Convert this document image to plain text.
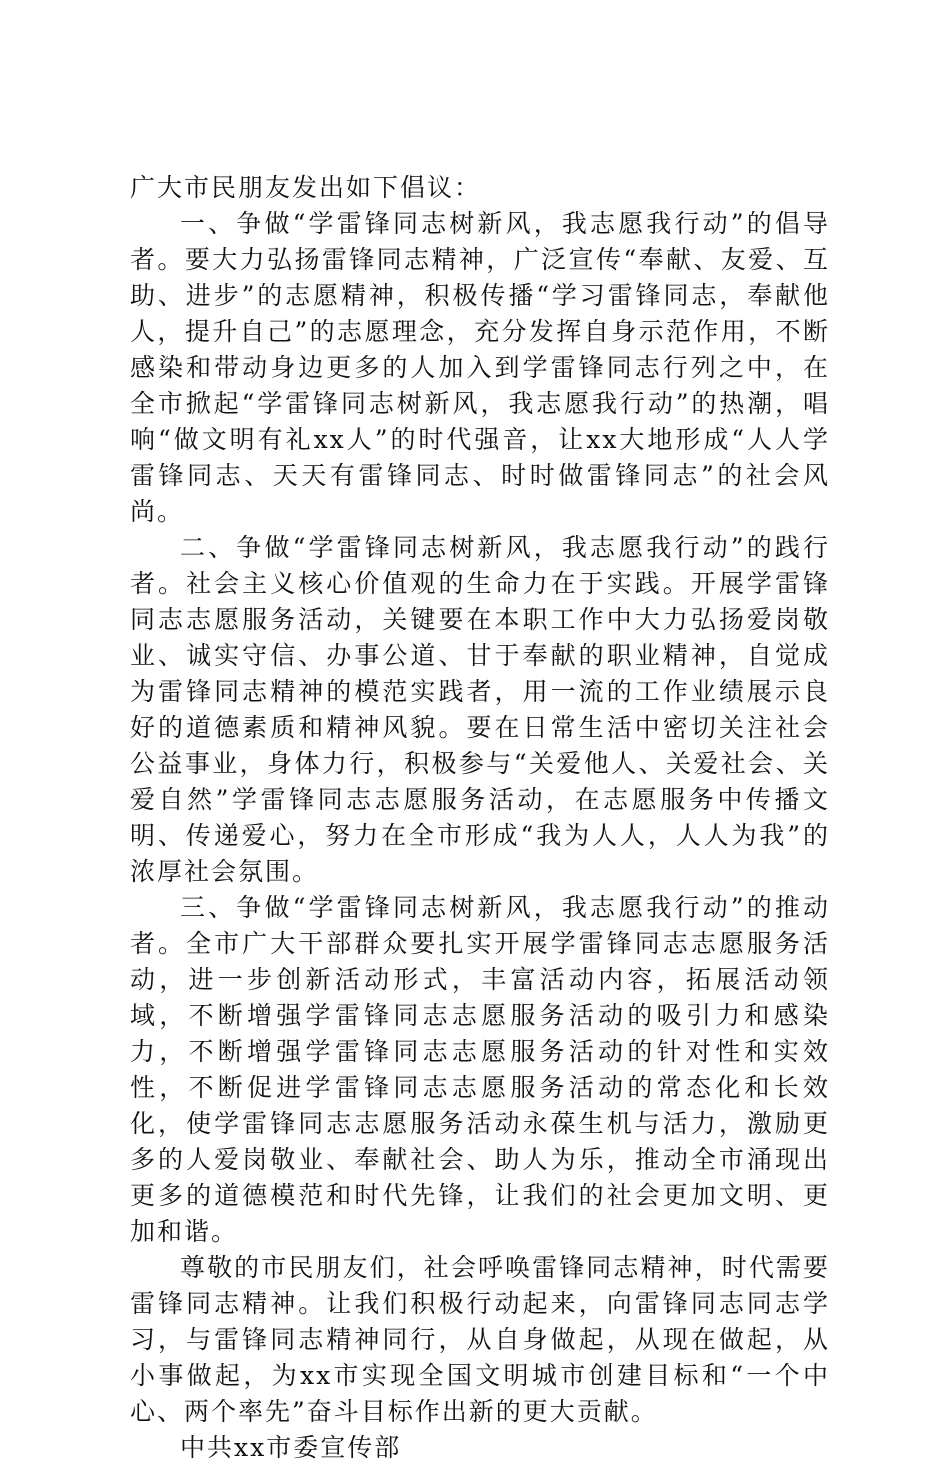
广大市民朋友发出如下倡议：

一、争做“学雷锋同志树新风，我志愿我行动”的倡导者。要大力弘扬雷锋同志精神，广泛宣传“奉献、友爱、互助、进步”的志愿精神，积极传播“学习雷锋同志，奉献他人，提升自己”的志愿理念，充分发挥自身示范作用，不断感染和带动身边更多的人加入到学雷锋同志行列之中，在全市掀起“学雷锋同志树新风，我志愿我行动”的热潮，唱响“做文明有礼xx人”的时代强音，让xx大地形成“人人学雷锋同志、天天有雷锋同志、时时做雷锋同志”的社会风尚。

二、争做“学雷锋同志树新风，我志愿我行动”的践行者。社会主义核心价值观的生命力在于实践。开展学雷锋同志志愿服务活动，关键要在本职工作中大力弘扬爱岗敬业、诚实守信、办事公道、甘于奉献的职业精神，自觉成为雷锋同志精神的模范实践者，用一流的工作业绩展示良好的道德素质和精神风貌。要在日常生活中密切关注社会公益事业，身体力行，积极参与“关爱他人、关爱社会、关爱自然”学雷锋同志志愿服务活动，在志愿服务中传播文明、传递爱心，努力在全市形成“我为人人，人人为我”的浓厚社会氛围。

三、争做“学雷锋同志树新风，我志愿我行动”的推动者。全市广大干部群众要扎实开展学雷锋同志志愿服务活动，进一步创新活动形式，丰富活动内容，拓展活动领域，不断增强学雷锋同志志愿服务活动的吸引力和感染力，不断增强学雷锋同志志愿服务活动的针对性和实效性，不断促进学雷锋同志志愿服务活动的常态化和长效化，使学雷锋同志志愿服务活动永葆生机与活力，激励更多的人爱岗敬业、奉献社会、助人为乐，推动全市涌现出更多的道德模范和时代先锋，让我们的社会更加文明、更加和谐。

尊敬的市民朋友们，社会呼唤雷锋同志精神，时代需要雷锋同志精神。让我们积极行动起来，向雷锋同志同志学习，与雷锋同志精神同行，从自身做起，从现在做起，从小事做起，为xx市实现全国文明城市创建目标和“一个中心、两个率先”奋斗目标作出新的更大贡献。

中共xx市委宣传部
